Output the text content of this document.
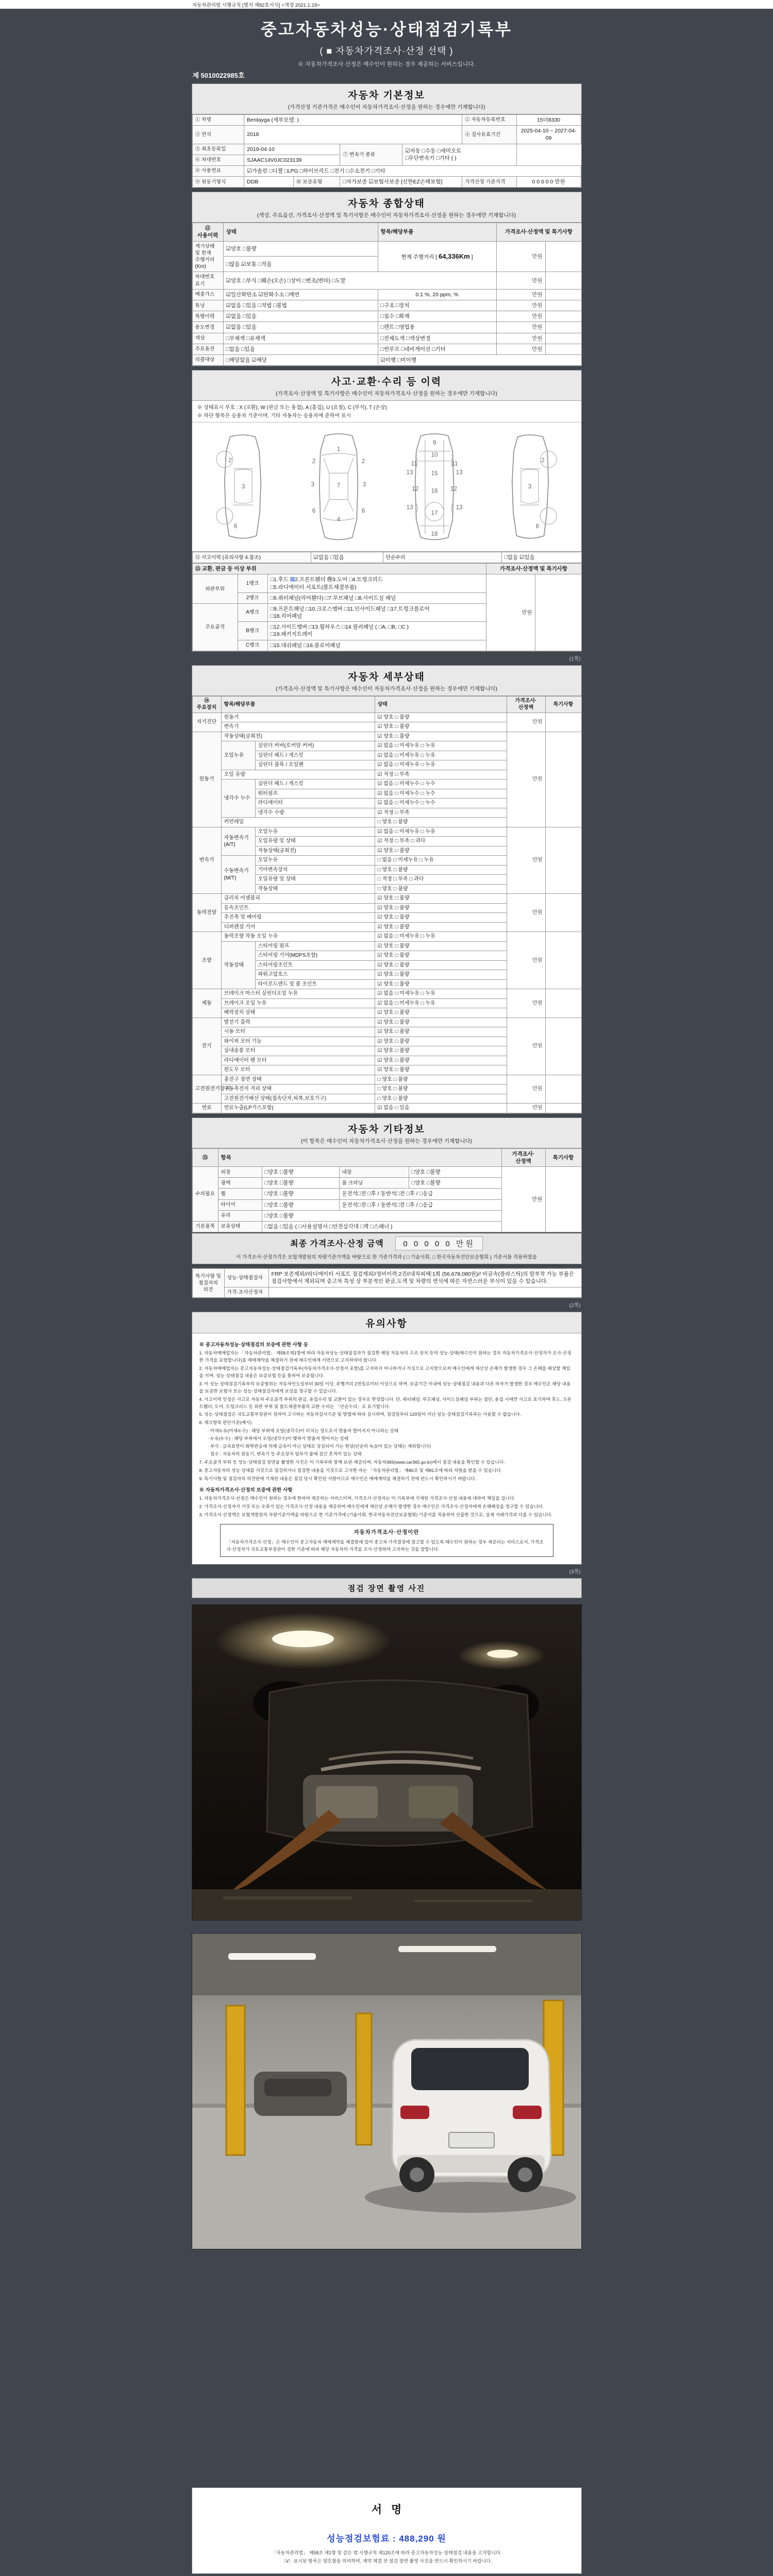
자동차관리법 시행규칙 [별지 제82호서식] <개정 2021.1.19>
중고자동차성능·상태점검기록부
( ■ 자동차가격조사·산정 선택 )
※ 자동차가격조사·산정은 매수인이 원하는 경우 제공하는 서비스입니다.
제 5010022985호
자동차 기본정보
(가격산정 기준가격은 매수인이 자동차가격조사·산정을 원하는 경우에만 기재합니다)
① 차명	Bentayga (세부모델: )				② 자동차등록번호	15더8330
③ 연식	2018				④ 검사유효기간	2025-04-10 ~ 2027-04-09
⑤ 최초등록일	2019-04-10		⑦ 변속기 종류	☑자동 □수동 □세미오토
□무단변속기 □기타 ( )		
⑥ 차대번호	SJAAC14V0JC023139					
⑧ 사용연료	☑가솔린 □디젤 □LPG □하이브리드 □전기 □수소전기 □기타					
⑨ 원동기형식	DDB	⑩ 보증유형	□자가보증 ☑보험사보증 [신한EZ손해보험]		가격산정 기준가격	0 0 0 0 0 만원
자동차 종합상태
(색상, 주요옵션, 가격조사·산정액 및 특기사항은 매수인이 자동차가격조사·산정을 원하는 경우에만 기재합니다)
⑪ 사용이력	상태	항목/해당부품	가격조사·산정액 및 특기사항	
계기상태 및 현재 주행거리 (Km)	☑양호 □불량	현재 주행거리 [ 64,336Km ]	만원	
	□많음 ☑보통 □적음			
차대번호 표기	☑양호 □부식 □훼손(오손) □상이 □변조(변타) □도말		만원	
배출가스	☑일산화탄소 ☑탄화수소 □매연	0.1 %, 20 ppm, %	만원	
튜닝	☑없음 □있음 □적법 □불법	□구조 □장치	만원	
특별이력	☑없음 □있음	□침수 □화재	만원	
용도변경	☑없음 □있음	□렌트 □영업용	만원	
색상	□무채색 □유채색	□전체도색 □색상변경	만원	
주요옵션	□없음 □있음	□썬루프 □네비게이션 □기타	만원	
리콜대상	□해당없음 ☑해당	☑이행 □미이행		
사고·교환·수리 등 이력
(가격조사·산정액 및 특기사항은 매수인이 자동차가격조사·산정을 원하는 경우에만 기재합니다)
※ 상태표시 부호 : X (교환), W (판금 또는 용접), A (흠집), U (요철), C (부식), T (손상)
※ 하단 항목은 승용차 기준이며, 기타 자동차는 승용차에 준하여 표시
2
3
6
1
2	2
3	3
7
6	6
4
9
10
11	11
13	13
12	12
15
16
13	13
17
18
2
3
6
⑫ 사고이력 (유의사항 4.참조)	☑없음 □있음	단순수리	□없음 ☑있음
⑬ 교환, 판금 등 이상 부위			가격조사·산정액 및 특기사항	
외판부위	1랭크	□1.후드 ☒2.프론트휀더 Ⓦ3.도어 □4.트렁크리드
□5.라디에이터 서포트(볼트체결부품)	만원	
	2랭크	□6.쿼터패널(리어휀다) □7.루브패널 □8.사이드실 패널		
주요골격	A랭크	□9.프론트패널 □10.크로스멤버 □11.인사이드패널 □17.트렁크플로어
□18.리어패널		
	B랭크	□12.사이드멤버 □13.휠하우스 □14.필러패널 ( □A, □B, □C )
□19.패키지트레이		
	C랭크	□15.대쉬패널 □16.플로어패널		
(1쪽)
자동차 세부상태
(가격조사·산정액 및 특기사항은 매수인이 자동차가격조사·산정을 원하는 경우에만 기재합니다)
⑭ 주요장치	항목/해당부품		상태	가격조사·산정액	특기사항
자기진단	원동기		☑ 양호 □ 불량	만원	
	변속기		☑ 양호 □ 불량		
원동기	작동상태(공회전)		☑ 양호 □ 불량	만원	
	오일누유	실린더 커버(로커암 커버)	☑ 없음 □ 미세누유 □ 누유		
		실린더 헤드 / 개스킷	☑ 없음 □ 미세누유 □ 누유		
		실린더 블록 / 오일팬	☑ 없음 □ 미세누유 □ 누유		
	오일 유량		☑ 적정 □ 부족		
	냉각수 누수	실린더 헤드 / 개스킷	☑ 없음 □ 미세누수 □ 누수		
		워터펌프	☑ 없음 □ 미세누수 □ 누수		
		라디에이터	☑ 없음 □ 미세누수 □ 누수		
		냉각수 수량	☑ 적정 □ 부족		
	커먼레일		□ 양호 □ 불량		
변속기	자동변속기 (A/T)	오일누유	☑ 없음 □ 미세누유 □ 누유	만원	
		오일유량 및 상태	☑ 적정 □ 부족 □ 과다		
		작동상태(공회전)	☑ 양호 □ 불량		
	수동변속기 (M/T)	오일누유	□ 없음 □ 미세누유 □ 누유		
		기어변속장치	□ 양호 □ 불량		
		오일유량 및 상태	□ 적정 □ 부족 □ 과다		
		작동상태	□ 양호 □ 불량		
동력전달	클러치 어셈블리		☑ 양호 □ 불량	만원	
	등속조인트		☑ 양호 □ 불량		
	추진축 및 베어링		☑ 양호 □ 불량		
	디퍼렌셜 기어		☑ 양호 □ 불량		
조향	동력조향 작동 오일 누유		☑ 없음 □ 미세누유 □ 누유	만원	
	작동상태	스티어링 펌프	☑ 양호 □ 불량		
		스티어링 기어(MDPS포함)	☑ 양호 □ 불량		
		스티어링조인트	☑ 양호 □ 불량		
		파워고압호스	☑ 양호 □ 불량		
		타이로드엔드 및 볼 조인트	☑ 양호 □ 불량		
제동	브레이크 마스터 실린더오일 누유		☑ 없음 □ 미세누유 □ 누유	만원	
	브레이크 오일 누유		☑ 없음 □ 미세누유 □ 누유		
	배력장치 상태		☑ 양호 □ 불량		
전기	발전기 출력		☑ 양호 □ 불량	만원	
	시동 모터		☑ 양호 □ 불량		
	와이퍼 모터 기능		☑ 양호 □ 불량		
	실내송풍 모터		☑ 양호 □ 불량		
	라디에이터 팬 모터		☑ 양호 □ 불량		
	윈도우 모터		☑ 양호 □ 불량		
고전원전기장치	충전구 절연 상태		□ 양호 □ 불량	만원	
	구동축전지 격리 상태		□ 양호 □ 불량		
	고전원전기배선 상태(접속단자,피복,보호기구)		□ 양호 □ 불량		
연료	연료누출(LP가스포함)		☑ 없음 □ 있음	만원	
자동차 기타정보
(이 항목은 매수인이 자동차가격조사·산정을 원하는 경우에만 기재합니다)
⑮	항목				가격조사·산정액	특기사항
수리필요	외장	□양호 □불량	내장	□양호 □불량	만원	
	광택	□양호 □불량	룸 크리닝	□양호 □불량		
	휠	□양호 □불량	운전석□전 □후 / 동반석□전 □후 / □응급			
	타이어	□양호 □불량	운전석□전 □후 / 동반석□전 □후 / □응급			
	유리	□양호 □불량				
기본품목	보유상태	□없음 □있음 ( □사용설명서 □안전삼각대 □잭 □스패너 )				
최종 가격조사·산정 금액 0 0 0 0 0 만원
이 가격조사·산정가격은 보험개발원의 차량기준가액을 바탕으로 한 기준가격과 ( □ 기술사회, □ 한국자동차진단보증협회 ) 기준서를 적용하였음
특기사항 및 점검자의 의견	성능·상태점검자	FRP 보증제외//라디에이터 서포트 점검제외//정비이력:2건//내차피해:1회 (56,678,080원)// 비금속(플라스틱)의 탈부착 가능 부품은 점검사항에서 제외되며 중고차 특성 상 부분적인 판금,도색 및 차량의 연식에 따른 자연스러운 부식이 있을 수 있습니다.
	가격·조사산정자	
(2쪽)
유의사항
※ 중고자동차성능·상태점검의 보증에 관한 사항 등
1. 자동차매매업자는 「자동차관리법」 제58조제1항에 따라 자동차성능·상태점검자가 점검한 해당 자동차의 구조·장치 등의 성능·상태(매수인이 원하는 경우 자동차가격조사·산정자가 조사·산정한 가격을 포함합니다)를 매매계약을 체결하기 전에 매수인에게 서면으로 고지하여야 합니다.
2. 자동차매매업자는 중고자동차성능·상태점검기록부(자동차가격조사·산정서 포함)를 고지하지 아니하거나 거짓으로 고지함으로써 매수인에게 재산상 손해가 발생한 경우 그 손해를 배상할 책임을 지며, 성능·상태점검 내용은 보증보험 등을 통하여 보증됩니다.
3. 이 성능·상태점검기록부의 보증범위는 자동차인도일부터 30일 이상, 주행거리 2천킬로미터 이상으로 하며, 보증기간 이내에 성능·상태점검 내용과 다른 하자가 발생한 경우 매수인은 해당 내용을 보증한 보험사 또는 성능·상태점검자에게 보상을 청구할 수 있습니다.
4. 사고이력 인정은 사고로 자동차 주요골격 부위의 판금, 용접수리 및 교환이 있는 경우로 한정합니다. 단, 쿼터패널, 루프패널, 사이드실패널 부위는 절단, 용접 시에만 사고로 표기하며 후드, 프론트휀더, 도어, 트렁크리드 등 외판 부위 및 볼트체결부품의 교환·수리는 「단순수리」로 표기합니다.
5. 성능·상태점검은 국토교통부장관이 정하여 고시하는 자동차검사기준 및 방법에 따라 실시하며, 점검일부터 120일이 지난 성능·상태점검기록부는 사용할 수 없습니다.
6. 체크항목 판단기준(예시)
· 미세누유(미세누수) : 해당 부위에 오일(냉각수)이 비치는 정도로서 방울져 떨어지지 아니하는 상태
· 누유(누수) : 해당 부위에서 오일(냉각수)이 맺혀서 방울져 떨어지는 상태
· 부식 : 금속표면이 화학반응에 의해 금속이 아닌 상태로 상실되어 가는 현상(단순히 녹슬어 있는 상태는 제외합니다)
· 침수 : 자동차의 원동기, 변속기 등 주요장치 일부가 물에 잠긴 흔적이 있는 상태
7. 주요골격 부위 등 성능·상태점검 장면을 촬영한 사진은 이 기록부와 함께 보관·제공되며, 자동차365(www.car365.go.kr)에서 점검 내용을 확인할 수 있습니다.
8. 중고자동차의 성능·상태를 거짓으로 점검하거나 점검한 내용을 거짓으로 고지한 자는 「자동차관리법」 제80조 및 제81조에 따라 처벌을 받을 수 있습니다.
9. 특기사항 및 점검자의 의견란에 기재된 내용은 점검 당시 확인된 사항이므로 매수인은 매매계약을 체결하기 전에 반드시 확인하시기 바랍니다.
※ 자동차가격조사·산정의 보증에 관한 사항
1. 자동차가격조사·산정은 매수인이 원하는 경우에 한하여 제공하는 서비스이며, 가격조사·산정자는 이 기록부에 기재된 가격조사·산정 내용에 대하여 책임을 집니다.
2. 가격조사·산정자가 거짓 또는 오류가 있는 가격조사·산정 내용을 제공하여 매수인에게 재산상 손해가 발생한 경우 매수인은 가격조사·산정자에게 손해배상을 청구할 수 있습니다.
3. 가격조사·산정액은 보험개발원의 차량기준가액을 바탕으로 한 기준가격에 (기술사회, 한국자동차진단보증협회) 기준서를 적용하여 산출한 것으로, 실제 거래가격과 다를 수 있습니다.
자동차가격조사·산정이란
「자동차가격조사·산정」은 매수인이 중고자동차 매매계약을 체결함에 있어 중고차 가격결정에 참고할 수 있도록 매수인이 원하는 경우 제공되는 서비스로서, 가격조사·산정자가 국토교통부장관이 정한 기준에 따라 해당 자동차의 가격을 조사·산정하여 고지하는 것을 말합니다.
(3쪽)
점검 장면 촬영 사진
서명
성능점검보험료 : 488,290 원
「자동차관리법」 제58조 제1항 및 같은 법 시행규칙 제120조에 따라 중고자동차성능·상태점검 내용을 고지합니다.
〔Ⅴ〕표시된 항목은 양호함을 의미하며, 계약 체결 전 점검 장면 촬영 사진을 반드시 확인하시기 바랍니다.
